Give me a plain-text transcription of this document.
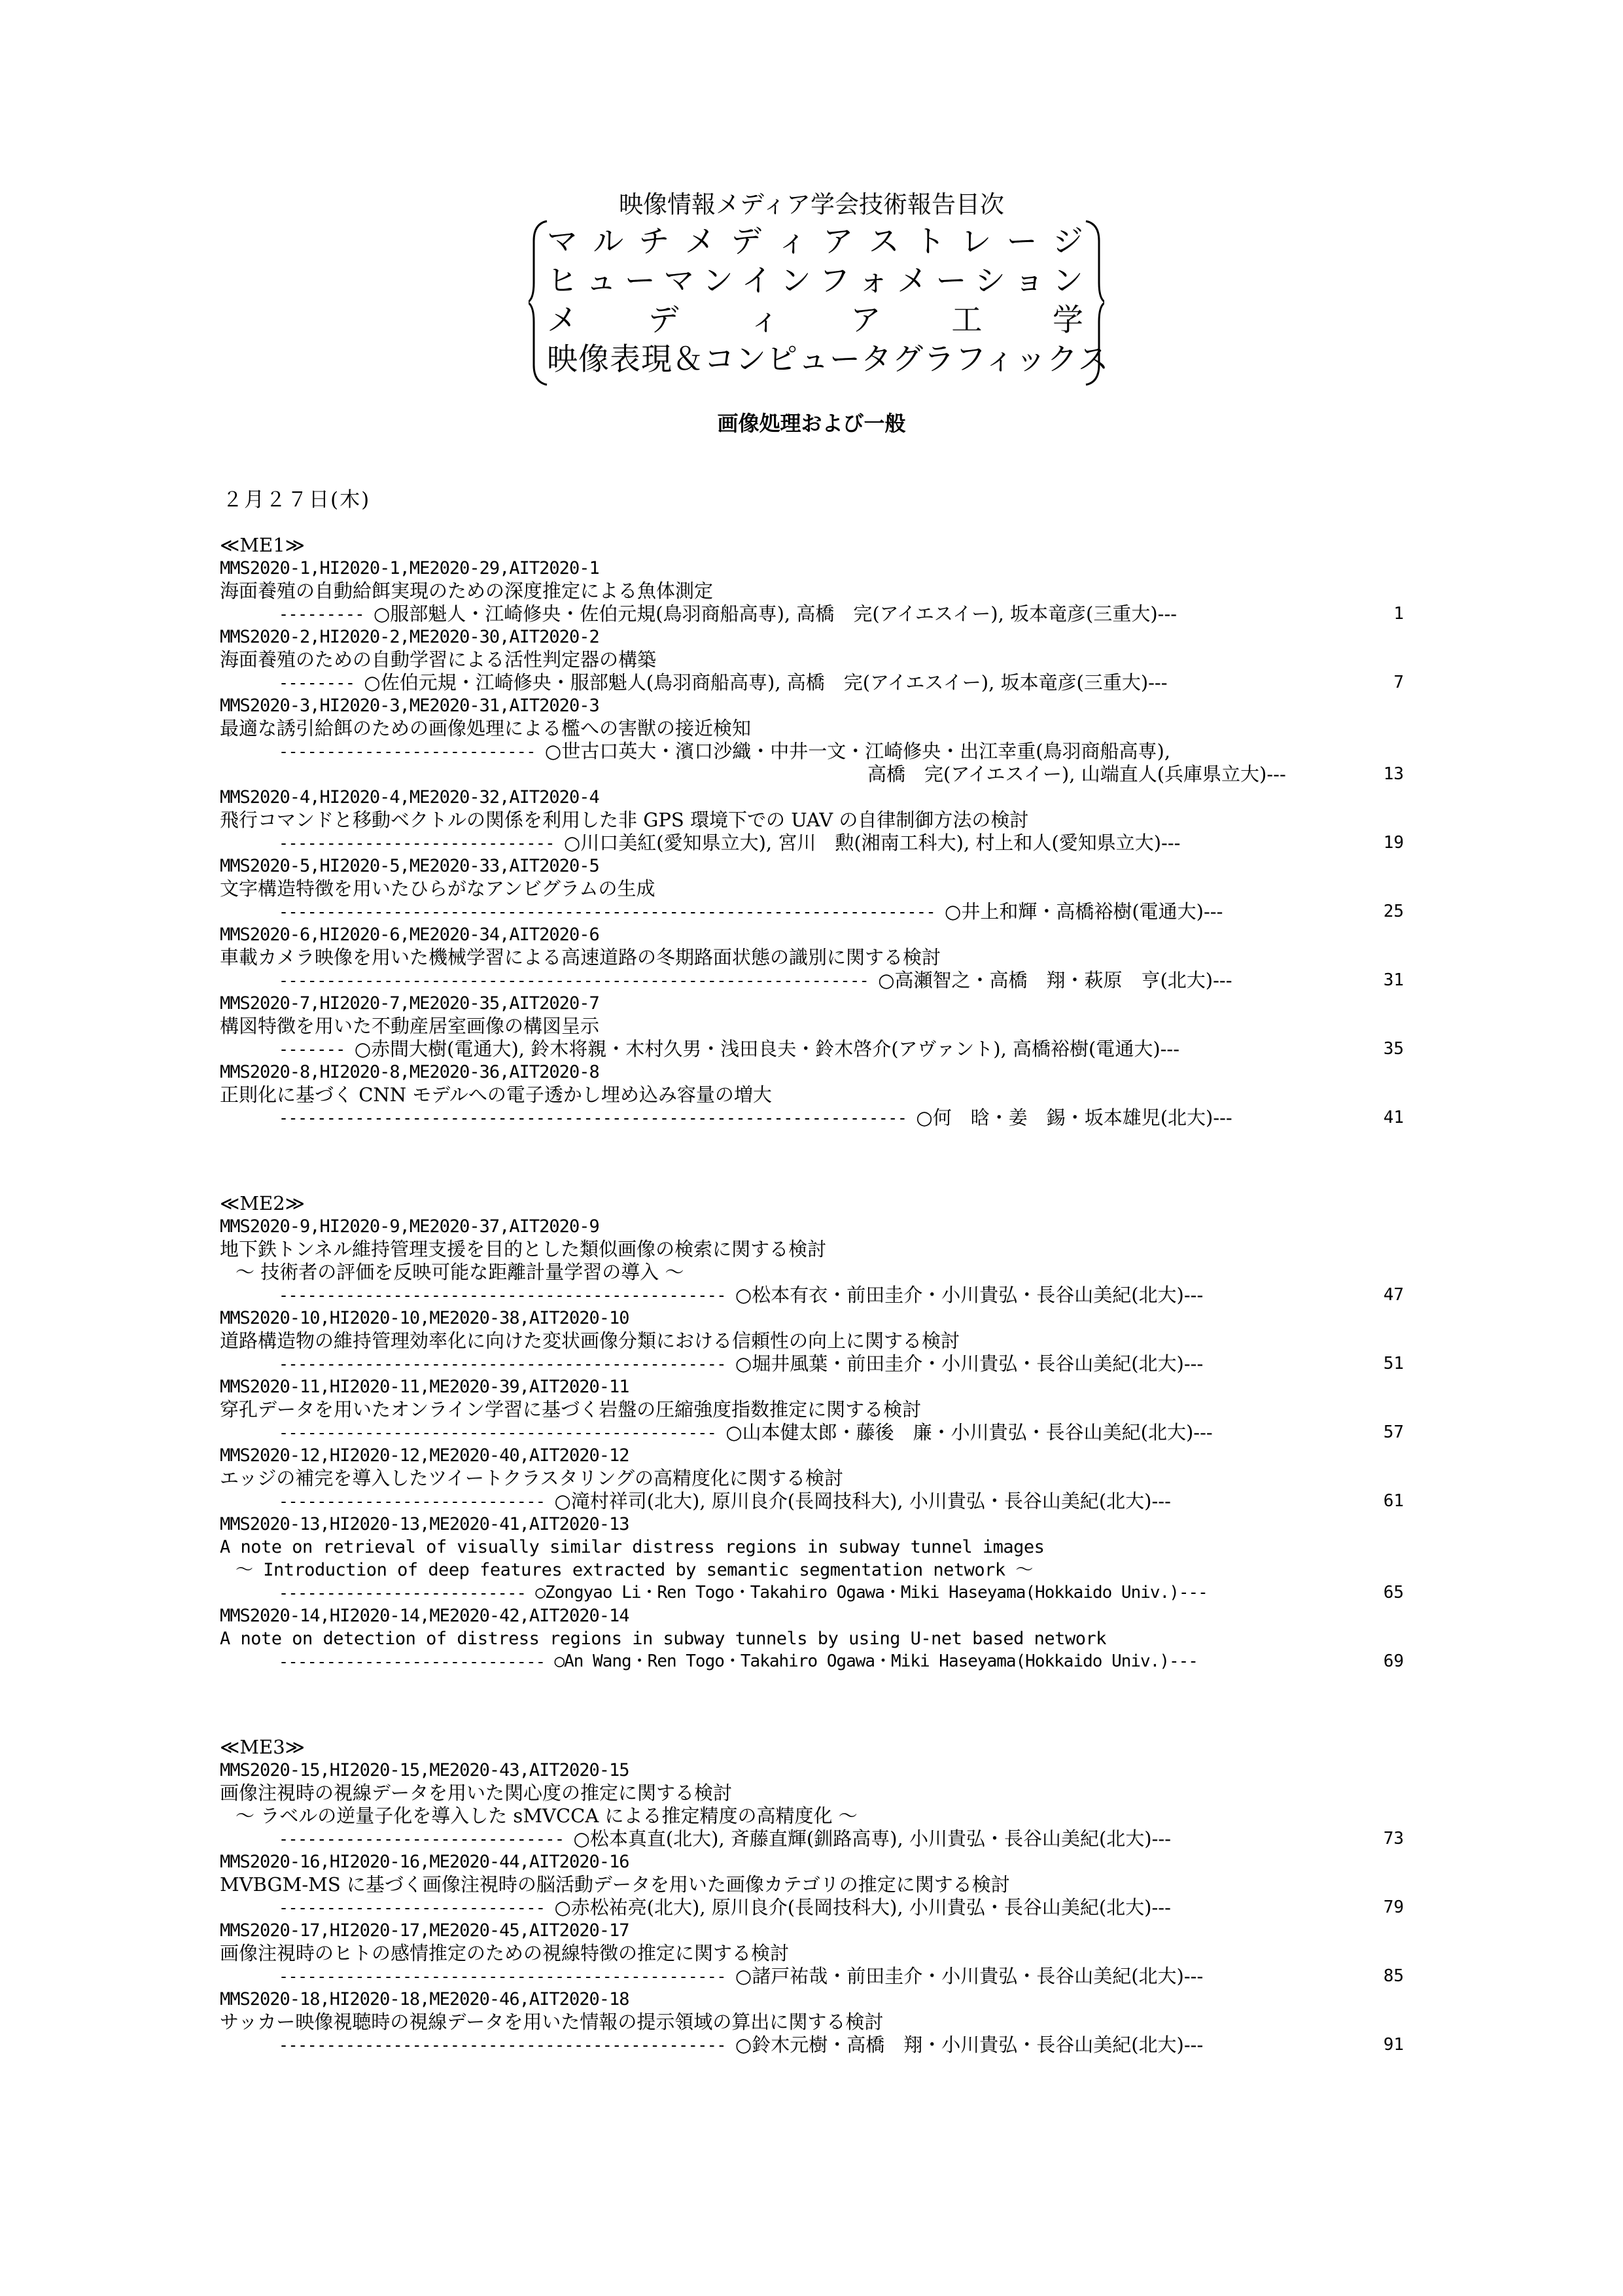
映像情報メディア学会技術報告目次
マ ル チ メ デ ィ ア ス ト レ ー ジ
ヒ ュ ー マ ン イ ン フ ォ メ ー シ ョ ン
メ デ ィ ア 工 学
映像表現＆コンピュータグラフィックス
画像処理および一般
２月２７日(木)
≪ME1≫
MMS2020-1,HI2020-1,ME2020-29,AIT2020-1
海面養殖の自動給餌実現のための深度推定による魚体測定
--------- ○服部魁人・江崎修央・佐伯元規(鳥羽商船高専), 高橋　完(アイエスイー), 坂本竜彦(三重大)---	1
MMS2020-2,HI2020-2,ME2020-30,AIT2020-2
海面養殖のための自動学習による活性判定器の構築
-------- ○佐伯元規・江崎修央・服部魁人(鳥羽商船高専), 高橋　完(アイエスイー), 坂本竜彦(三重大)---	7
MMS2020-3,HI2020-3,ME2020-31,AIT2020-3
最適な誘引給餌のための画像処理による檻への害獣の接近検知
--------------------------- ○世古口英大・濱口沙織・中井一文・江崎修央・出江幸重(鳥羽商船高専),
高橋　完(アイエスイー), 山端直人(兵庫県立大)---	13
MMS2020-4,HI2020-4,ME2020-32,AIT2020-4
飛行コマンドと移動ベクトルの関係を利用した非 GPS 環境下での UAV の自律制御方法の検討
----------------------------- ○川口美紅(愛知県立大), 宮川　勲(湘南工科大), 村上和人(愛知県立大)---	19
MMS2020-5,HI2020-5,ME2020-33,AIT2020-5
文字構造特徴を用いたひらがなアンビグラムの生成
--------------------------------------------------------------------- ○井上和輝・高橋裕樹(電通大)---	25
MMS2020-6,HI2020-6,ME2020-34,AIT2020-6
車載カメラ映像を用いた機械学習による高速道路の冬期路面状態の識別に関する検討
-------------------------------------------------------------- ○高瀬智之・高橋　翔・萩原　亨(北大)---	31
MMS2020-7,HI2020-7,ME2020-35,AIT2020-7
構図特徴を用いた不動産居室画像の構図呈示
------- ○赤間大樹(電通大), 鈴木将親・木村久男・浅田良夫・鈴木啓介(アヴァント), 高橋裕樹(電通大)---	35
MMS2020-8,HI2020-8,ME2020-36,AIT2020-8
正則化に基づく CNN モデルへの電子透かし埋め込み容量の増大
------------------------------------------------------------------ ○何　晗・姜　錫・坂本雄児(北大)---	41
≪ME2≫
MMS2020-9,HI2020-9,ME2020-37,AIT2020-9
地下鉄トンネル維持管理支援を目的とした類似画像の検索に関する検討
〜 技術者の評価を反映可能な距離計量学習の導入 〜
----------------------------------------------- ○松本有衣・前田圭介・小川貴弘・長谷山美紀(北大)---	47
MMS2020-10,HI2020-10,ME2020-38,AIT2020-10
道路構造物の維持管理効率化に向けた変状画像分類における信頼性の向上に関する検討
----------------------------------------------- ○堀井風葉・前田圭介・小川貴弘・長谷山美紀(北大)---	51
MMS2020-11,HI2020-11,ME2020-39,AIT2020-11
穿孔データを用いたオンライン学習に基づく岩盤の圧縮強度指数推定に関する検討
---------------------------------------------- ○山本健太郎・藤後　廉・小川貴弘・長谷山美紀(北大)---	57
MMS2020-12,HI2020-12,ME2020-40,AIT2020-12
エッジの補完を導入したツイートクラスタリングの高精度化に関する検討
---------------------------- ○滝村祥司(北大), 原川良介(長岡技科大), 小川貴弘・長谷山美紀(北大)---	61
MMS2020-13,HI2020-13,ME2020-41,AIT2020-13
A note on retrieval of visually similar distress regions in subway tunnel images
〜 Introduction of deep features extracted by semantic segmentation network 〜
-------------------------- ○Zongyao Li・Ren Togo・Takahiro Ogawa・Miki Haseyama(Hokkaido Univ.)---	65
MMS2020-14,HI2020-14,ME2020-42,AIT2020-14
A note on detection of distress regions in subway tunnels by using U-net based network
---------------------------- ○An Wang・Ren Togo・Takahiro Ogawa・Miki Haseyama(Hokkaido Univ.)---	69
≪ME3≫
MMS2020-15,HI2020-15,ME2020-43,AIT2020-15
画像注視時の視線データを用いた関心度の推定に関する検討
〜 ラベルの逆量子化を導入した sMVCCA による推定精度の高精度化 〜
------------------------------ ○松本真直(北大), 斉藤直輝(釧路高専), 小川貴弘・長谷山美紀(北大)---	73
MMS2020-16,HI2020-16,ME2020-44,AIT2020-16
MVBGM-MS に基づく画像注視時の脳活動データを用いた画像カテゴリの推定に関する検討
---------------------------- ○赤松祐亮(北大), 原川良介(長岡技科大), 小川貴弘・長谷山美紀(北大)---	79
MMS2020-17,HI2020-17,ME2020-45,AIT2020-17
画像注視時のヒトの感情推定のための視線特徴の推定に関する検討
----------------------------------------------- ○諸戸祐哉・前田圭介・小川貴弘・長谷山美紀(北大)---	85
MMS2020-18,HI2020-18,ME2020-46,AIT2020-18
サッカー映像視聴時の視線データを用いた情報の提示領域の算出に関する検討
----------------------------------------------- ○鈴木元樹・高橋　翔・小川貴弘・長谷山美紀(北大)---	91
